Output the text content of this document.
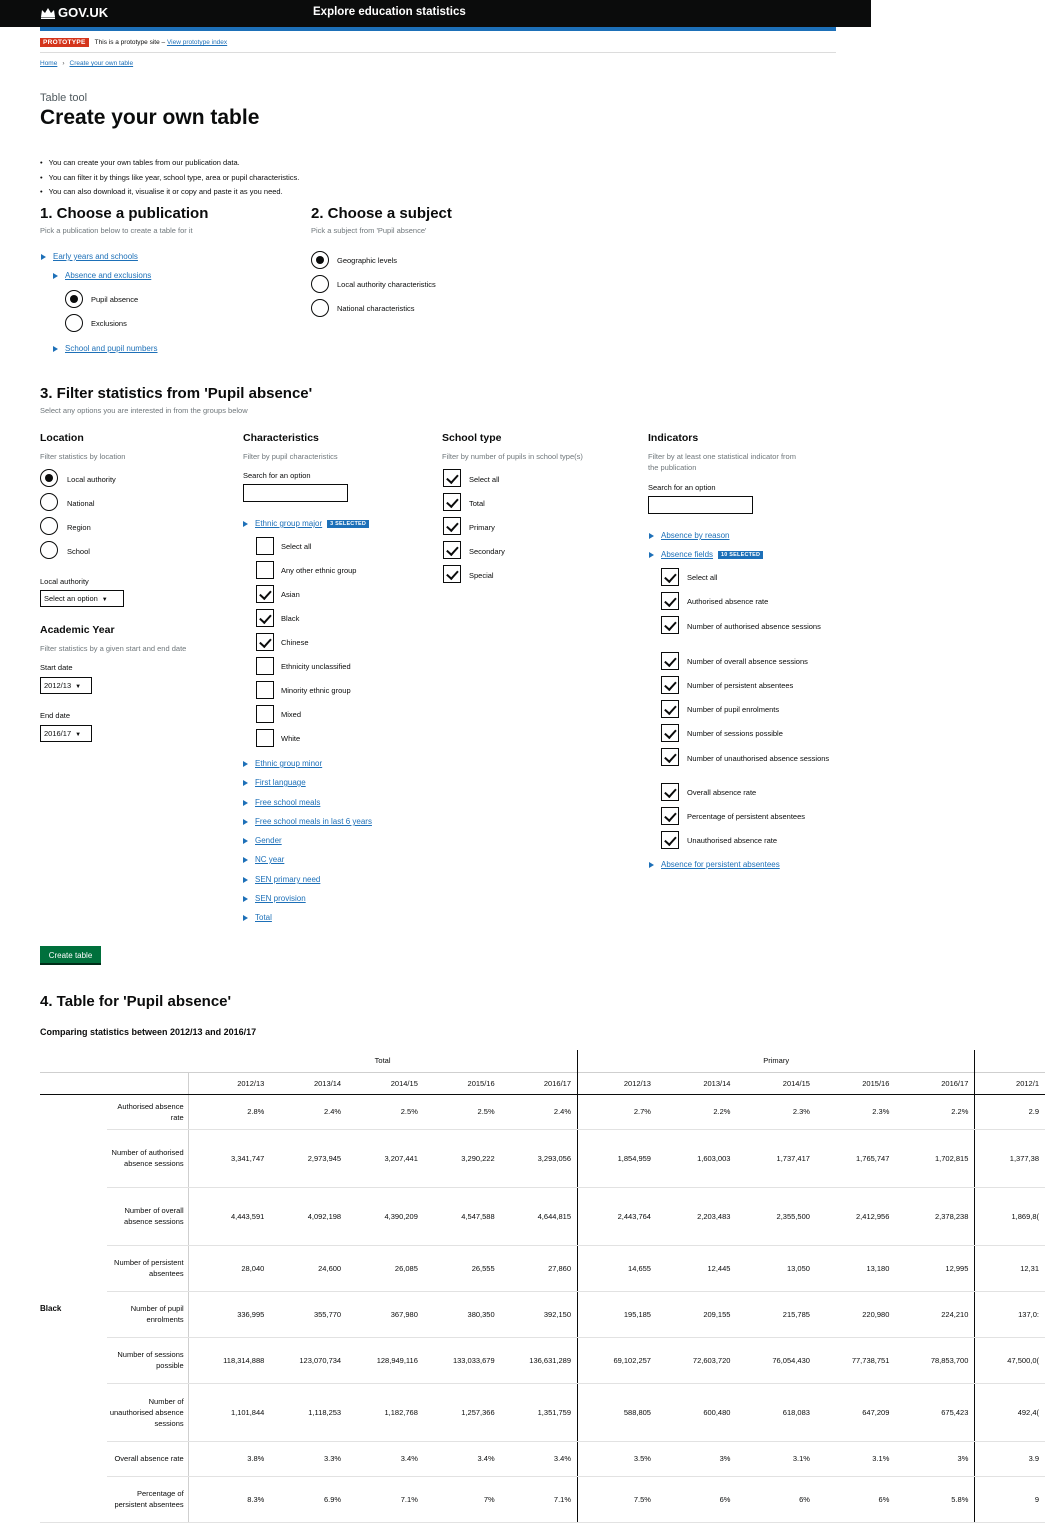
GOV.UK	Explore education statistics
PROTOTYPE	This is a prototype site –
View prototype index
Home › Create your own table
Table tool
Create your own table
• You can create your own tables from our publication data.
• You can filter it by things like year, school type, area or pupil characteristics.
• You can also download it, visualise it or copy and paste it as you need.
1. Choose a publication
Pick a publication below to create a table for it
Early years and schools
Absence and exclusions
Pupil absence
Exclusions
School and pupil numbers
2. Choose a subject
Pick a subject from 'Pupil absence'
Geographic levels
Local authority characteristics
National characteristics
3. Filter statistics from 'Pupil absence'
Select any options you are interested in from the groups below
Location
Filter statistics by location
Local authority
National
Region
School
Local authority
Select an option ▼
Academic Year
Filter statistics by a given start and end date
Start date
2012/13 ▼
End date
2016/17 ▼
Characteristics
Filter by pupil characteristics
Search for an option
Ethnic group major 3 SELECTED
Select all
Any other ethnic group
Asian
Black
Chinese
Ethnicity unclassified
Minority ethnic group
Mixed
White
Ethnic group minor
First language
Free school meals
Free school meals in last 6 years
Gender
NC year
SEN primary need
SEN provision
Total
School type
Filter by number of pupils in school type(s)
Select all
Total
Primary
Secondary
Special
Indicators
Filter by at least one statistical indicator from
the publication
Search for an option
Absence by reason
Absence fields 10 SELECTED
Select all
Authorised absence rate
Number of authorised absence sessions
Number of overall absence sessions
Number of persistent absentees
Number of pupil enrolments
Number of sessions possible
Number of unauthorised absence sessions
Overall absence rate
Percentage of persistent absentees
Unauthorised absence rate
Absence for persistent absentees
Create table
4. Table for 'Pupil absence'
Comparing statistics between 2012/13 and 2016/17
		Total					Primary					
		2012/13	2013/14	2014/15	2015/16	2016/17	2012/13	2013/14	2014/15	2015/16	2016/17	2012/1
Black	Authorised absence rate	2.8%	2.4%	2.5%	2.5%	2.4%	2.7%	2.2%	2.3%	2.3%	2.2%	2.9
	Number of authorised absence sessions	3,341,747	2,973,945	3,207,441	3,290,222	3,293,056	1,854,959	1,603,003	1,737,417	1,765,747	1,702,815	1,377,38
	Number of overall absence sessions	4,443,591	4,092,198	4,390,209	4,547,588	4,644,815	2,443,764	2,203,483	2,355,500	2,412,956	2,378,238	1,869,8(
	Number of persistent absentees	28,040	24,600	26,085	26,555	27,860	14,655	12,445	13,050	13,180	12,995	12,31
	Number of pupil enrolments	336,995	355,770	367,980	380,350	392,150	195,185	209,155	215,785	220,980	224,210	137,0:
	Number of sessions possible	118,314,888	123,070,734	128,949,116	133,033,679	136,631,289	69,102,257	72,603,720	76,054,430	77,738,751	78,853,700	47,500,0(
	Number of unauthorised absence sessions	1,101,844	1,118,253	1,182,768	1,257,366	1,351,759	588,805	600,480	618,083	647,209	675,423	492,4(
	Overall absence rate	3.8%	3.3%	3.4%	3.4%	3.4%	3.5%	3%	3.1%	3.1%	3%	3.9
	Percentage of persistent absentees	8.3%	6.9%	7.1%	7%	7.1%	7.5%	6%	6%	6%	5.8%	9
